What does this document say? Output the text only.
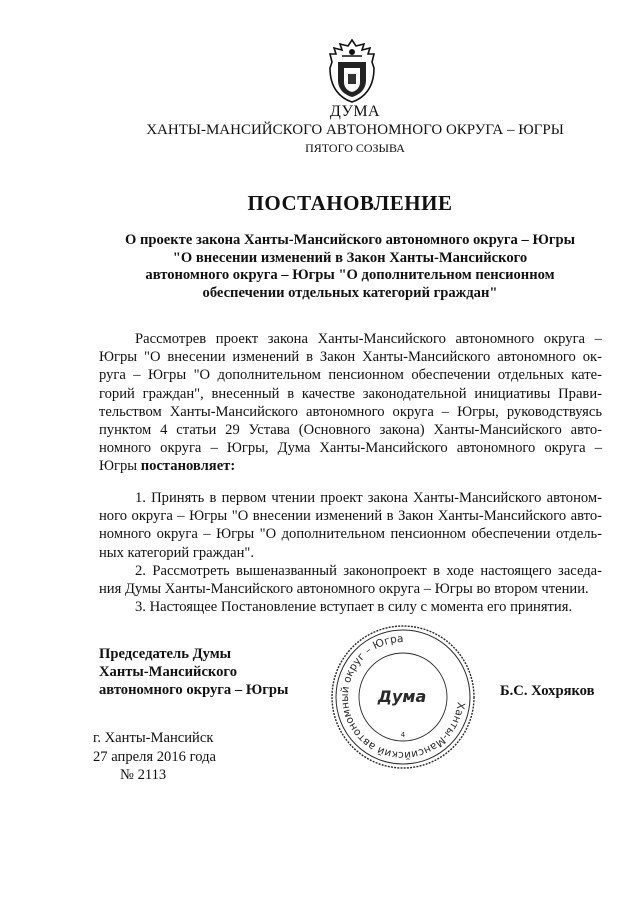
ДУМА
ХАНТЫ-МАНСИЙСКОГО АВТОНОМНОГО ОКРУГА – ЮГРЫ
ПЯТОГО СОЗЫВА
ПОСТАНОВЛЕНИЕ
О проекте закона Ханты-Мансийского автономного округа – Югры
"О внесении изменений в Закон Ханты-Мансийского
автономного округа – Югры "О дополнительном пенсионном
обеспечении отдельных категорий граждан"
Рассмотрев проект закона Ханты-Мансийского автономного округа –
Югры "О внесении изменений в Закон Ханты-Мансийского автономного ок-
руга – Югры "О дополнительном пенсионном обеспечении отдельных кате-
горий граждан", внесенный в качестве законодательной инициативы Прави-
тельством Ханты-Мансийского автономного округа – Югры, руководствуясь
пунктом 4 статьи 29 Устава (Основного закона) Ханты-Мансийского авто-
номного округа – Югры, Дума Ханты-Мансийского автономного округа –
Югры постановляет:
1. Принять в первом чтении проект закона Ханты-Мансийского автоном-
ного округа – Югры "О внесении изменений в Закон Ханты-Мансийского авто-
номного округа – Югры "О дополнительном пенсионном обеспечении отдель-
ных категорий граждан".
2. Рассмотреть вышеназванный законопроект в ходе настоящего заседа-
ния Думы Ханты-Мансийского автономного округа – Югры во втором чтении.
3. Настоящее Постановление вступает в силу с момента его принятия.
Председатель Думы
Ханты-Мансийского
автономного округа – Югры
Ханты-Мансийский автономный округ – Югра
Дума
4
Б.С. Хохряков
г. Ханты-Мансийск
27 апреля 2016 года
№ 2113
